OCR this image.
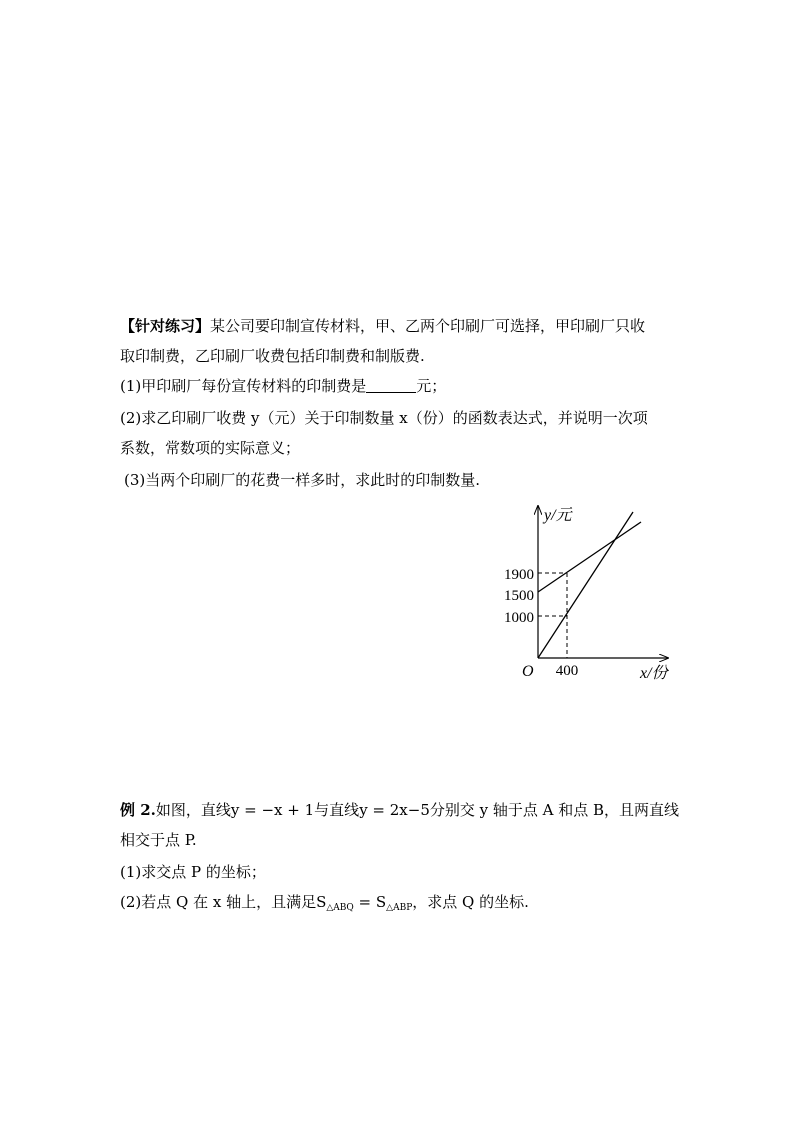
【针对练习】某公司要印制宣传材料，甲、乙两个印刷厂可选择，甲印刷厂只收
取印制费，乙印刷厂收费包括印制费和制版费.
(1)甲印刷厂每份宣传材料的印制费是	元；
(2)求乙印刷厂收费 y（元）关于印制数量 x（份）的函数表达式，并说明一次项
系数，常数项的实际意义；
(3)当两个印刷厂的花费一样多时，求此时的印制数量.
y/元
x/份
O
1900
1500
1000
400
例 2.如图，直线y = −x + 1与直线y = 2x−5分别交 y 轴于点 A 和点 B，且两直线
相交于点 P.
(1)求交点 P 的坐标；
(2)若点 Q 在 x 轴上，且满足$S_{\triangle ABQ} = S_{\triangle ABP}$，求点 Q 的坐标.
